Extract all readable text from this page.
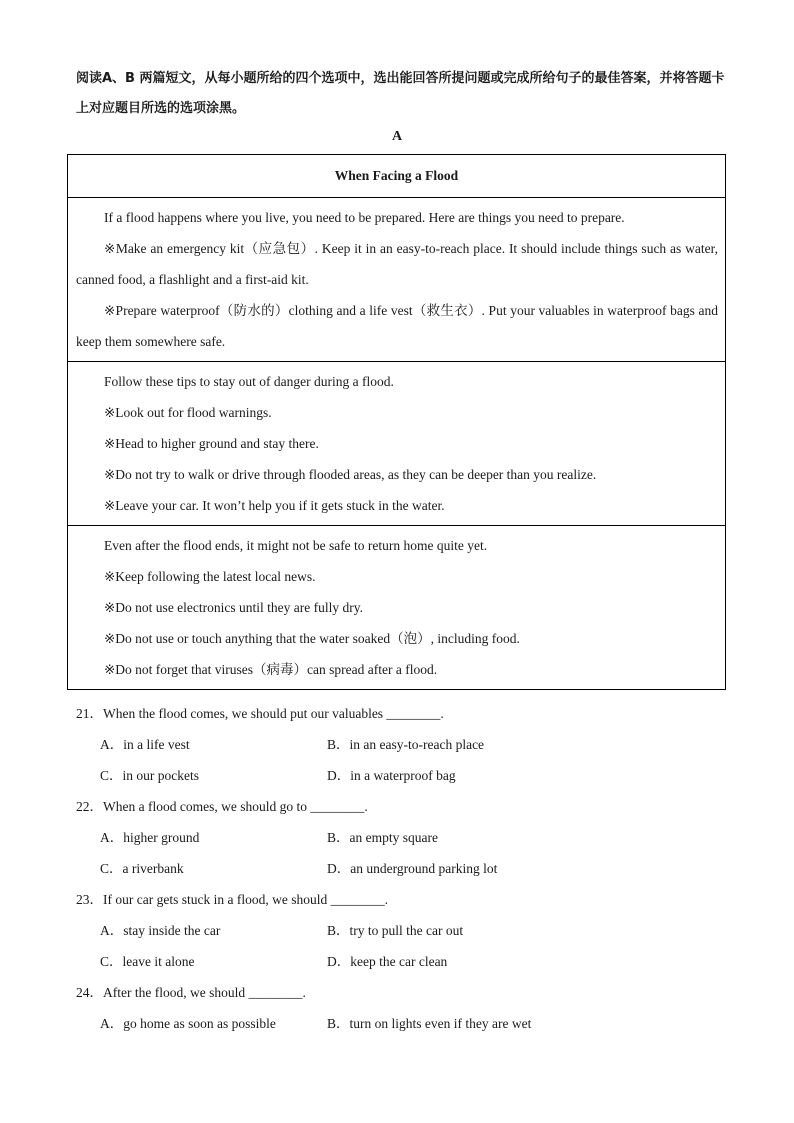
阅读A、B 两篇短文，从每小题所给的四个选项中，选出能回答所提问题或完成所给句子的最佳答案，并将答题卡上对应题目所选的选项涂黑。

A
When Facing a Flood

If a flood happens where you live, you need to be prepared. Here are things you need to prepare.

※Make an emergency kit（应急包）. Keep it in an easy-to-reach place. It should include things such as water, canned food, a flashlight and a first-aid kit.

※Prepare waterproof（防水的）clothing and a life vest（救生衣）. Put your valuables in waterproof bags and keep them somewhere safe.

Follow these tips to stay out of danger during a flood.

※Look out for flood warnings.

※Head to higher ground and stay there.

※Do not try to walk or drive through flooded areas, as they can be deeper than you realize.

※Leave your car. It won’t help you if it gets stuck in the water.

Even after the flood ends, it might not be safe to return home quite yet.

※Keep following the latest local news.

※Do not use electronics until they are fully dry.

※Do not use or touch anything that the water soaked（泡）, including food.

※Do not forget that viruses（病毒）can spread after a flood.

21．When the flood comes, we should put our valuables ________.
A．in a life vest	B．in an easy-to-reach place
C．in our pockets	D．in a waterproof bag
22．When a flood comes, we should go to ________.
A．higher ground	B．an empty square
C．a riverbank	D．an underground parking lot
23．If our car gets stuck in a flood, we should ________.
A．stay inside the car	B．try to pull the car out
C．leave it alone	D．keep the car clean
24．After the flood, we should ________.
A．go home as soon as possible	B．turn on lights even if they are wet
